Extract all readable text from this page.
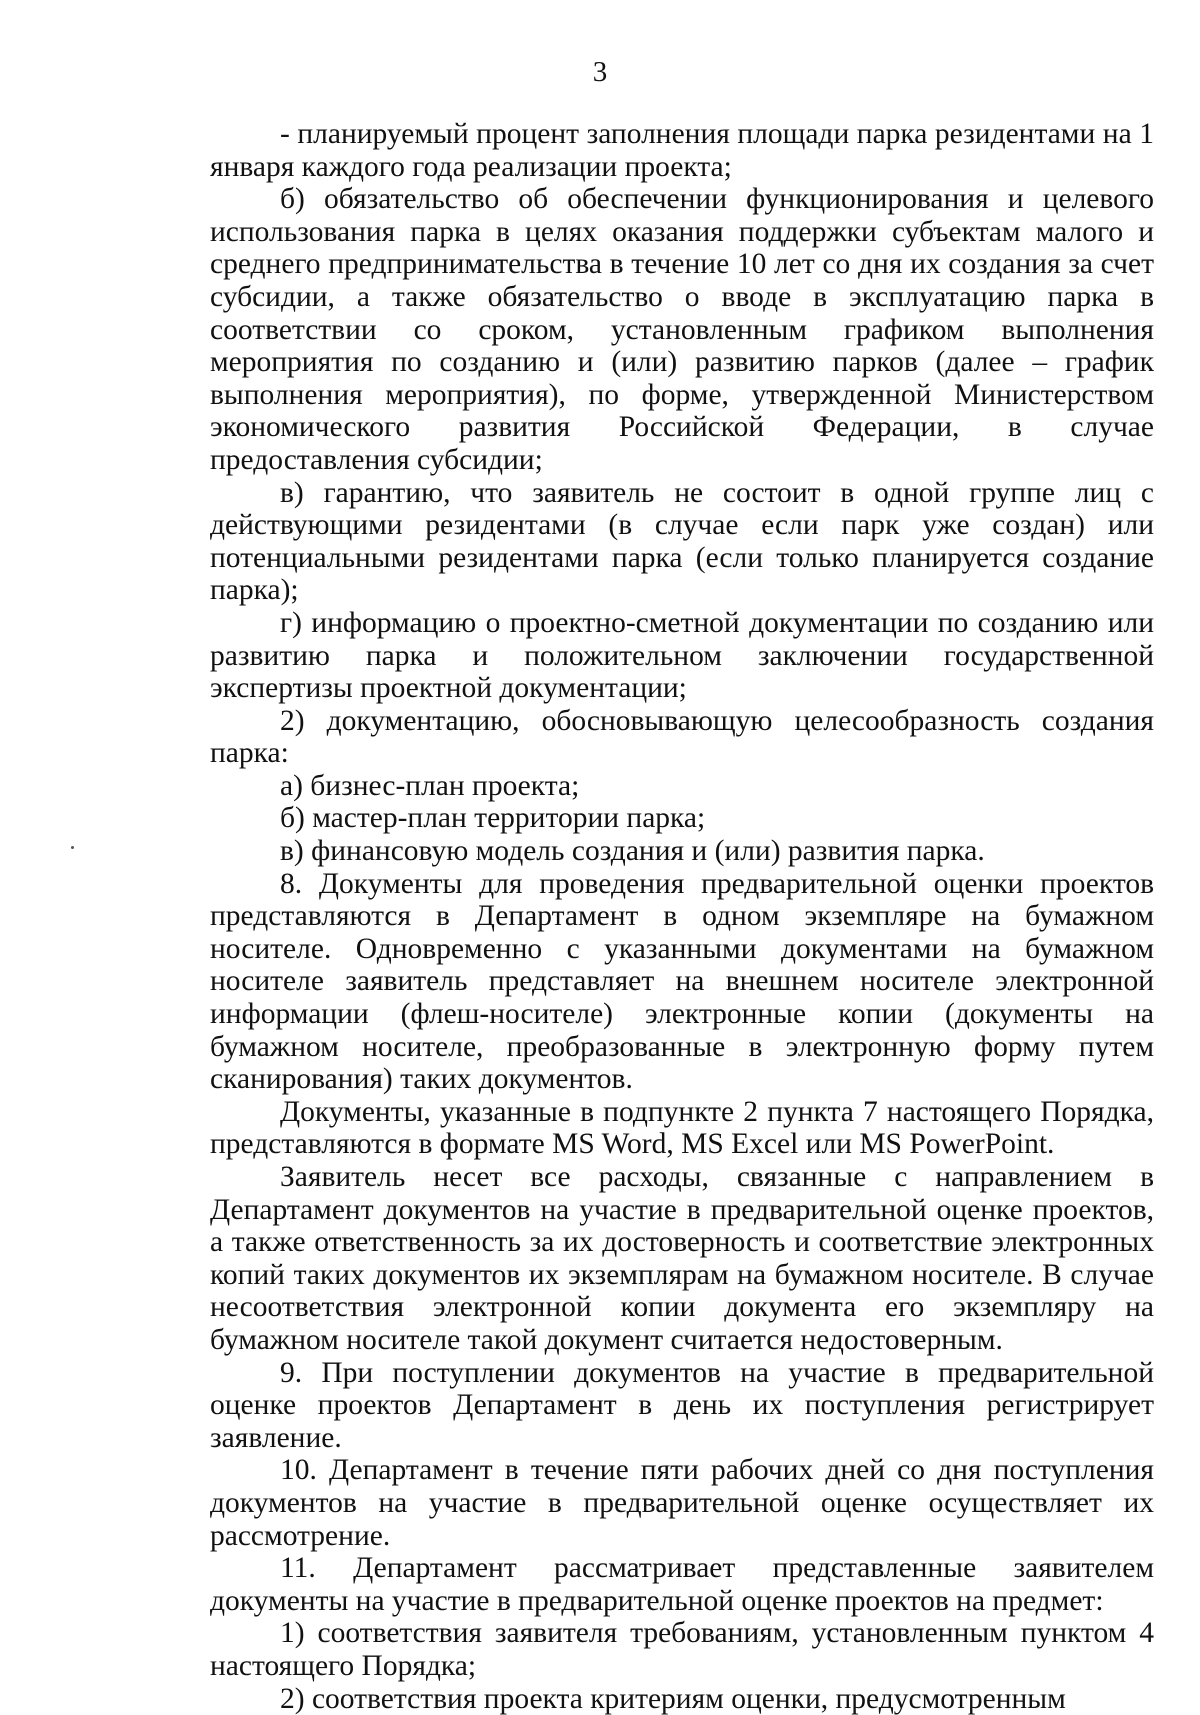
3

- планируемый процент заполнения площади парка резидентами на 1 января каждого года реализации проекта;

б) обязательство об обеспечении функционирования и целевого использования парка в целях оказания поддержки субъектам малого и среднего предпринимательства в течение 10 лет со дня их создания за счет субсидии, а также обязательство о вводе в эксплуатацию парка в соответствии со сроком, установленным графиком выполнения мероприятия по созданию и (или) развитию парков (далее – график выполнения мероприятия), по форме, утвержденной Министерством экономического развития Российской Федерации, в случае предоставления субсидии;

в) гарантию, что заявитель не состоит в одной группе лиц с действующими резидентами (в случае если парк уже создан) или потенциальными резидентами парка (если только планируется создание парка);

г) информацию о проектно-сметной документации по созданию или развитию парка и положительном заключении государственной экспертизы проектной документации;

2) документацию, обосновывающую целесообразность создания парка:

а) бизнес-план проекта;

б) мастер-план территории парка;

в) финансовую модель создания и (или) развития парка.

8. Документы для проведения предварительной оценки проектов представляются в Департамент в одном экземпляре на бумажном носителе. Одновременно с указанными документами на бумажном носителе заявитель представляет на внешнем носителе электронной информации (флеш-носителе) электронные копии (документы на бумажном носителе, преобразованные в электронную форму путем сканирования) таких документов.

Документы, указанные в подпункте 2 пункта 7 настоящего Порядка, представляются в формате MS Word, MS Excel или MS PowerPoint.

Заявитель несет все расходы, связанные с направлением в Департамент документов на участие в предварительной оценке проектов, а также ответственность за их достоверность и соответствие электронных копий таких документов их экземплярам на бумажном носителе. В случае несоответствия электронной копии документа его экземпляру на бумажном носителе такой документ считается недостоверным.

9. При поступлении документов на участие в предварительной оценке проектов Департамент в день их поступления регистрирует заявление.

10. Департамент в течение пяти рабочих дней со дня поступления документов на участие в предварительной оценке осуществляет их рассмотрение.

11. Департамент рассматривает представленные заявителем документы на участие в предварительной оценке проектов на предмет:

1) соответствия заявителя требованиям, установленным пунктом 4 настоящего Порядка;

2) соответствия проекта критериям оценки, предусмотренным
